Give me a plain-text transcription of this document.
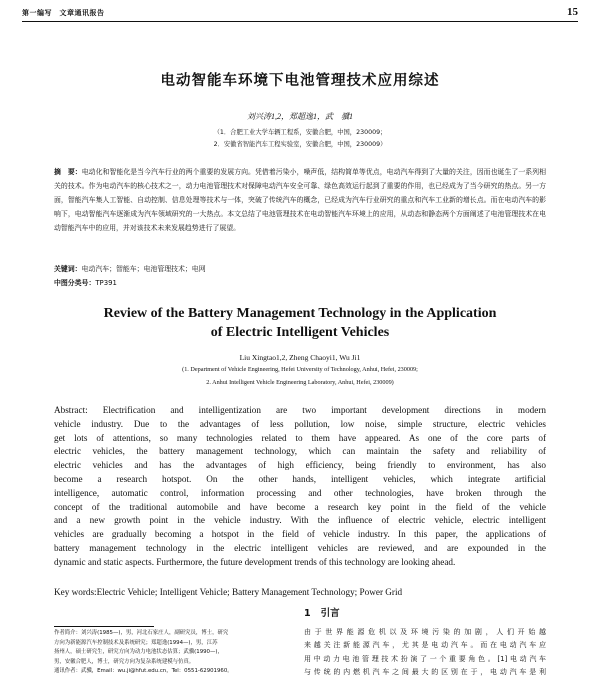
第一编写　文章通讯报告	15
电动智能车环境下电池管理技术应用综述
刘兴涛1,2，郑超逸1，武　骥1
（1．合肥工业大学车辆工程系，安徽合肥，中国，230009；
2．安徽省智能汽车工程实验室，安徽合肥，中国，230009）
摘　要：电动化和智能化是当今汽车行业的两个重要的发展方向。凭借着污染小，噪声低，结构简单等优点，电动汽车得到了大量的关注，因而也诞生了一系列相关的技术。作为电动汽车的核心技术之一，动力电池管理技术对保障电动汽车安全可靠、绿色高效运行起到了重要的作用，也已经成为了当今研究的热点。另一方面，智能汽车集人工智能、自动控制、信息处理等技术与一体，突破了传统汽车的概念，已经成为汽车行业研究的重点和汽车工业新的增长点。而在电动汽车的影响下，电动智能汽车逐渐成为汽车领域研究的一大热点。本文总结了电池管理技术在电动智能汽车环境上的应用，从动态和静态两个方面阐述了电池管理技术在电动智能汽车中的应用，并对该技术未来发展趋势进行了展望。
关键词：电动汽车；智能车；电池管理技术；电网
中图分类号：TP391
Review of the Battery Management Technology in the Application
of Electric Intelligent Vehicles
Liu Xingtao1,2, Zheng Chaoyi1, Wu Ji1
(1. Department of Vehicle Engineering, Hefei University of Technology, Anhui, Hefei, 230009;
2. Anhui Intelligent Vehicle Engineering Laboratory, Anhui, Hefei, 230009)
Abstract: Electrification and intelligentization are two important development directions in modern
vehicle industry. Due to the advantages of less pollution, low noise, simple structure, electric vehicles
get lots of attentions, so many technologies related to them have appeared. As one of the core parts of
electric vehicles, the battery management technology, which can maintain the safety and reliability of
electric vehicles and has the advantages of high efficiency, being friendly to environment, has also
become a research hotspot. On the other hands, intelligent vehicles, which integrate artificial
intelligence, automatic control, information processing and other technologies, have broken through the
concept of the traditional automobile and have become a research key point in the field of the vehicle
and a new growth point in the vehicle industry. With the influence of electric vehicle, electric intelligent
vehicles are gradually becoming a hotspot in the field of vehicle industry. In this paper, the applications of
battery management technology in the electric intelligent vehicles are reviewed, and are expounded in the
dynamic and static aspects. Furthermore, the future development trends of this technology are looking ahead.
Key words:Electric Vehicle; Intelligent Vehicle; Battery Management Technology; Power Grid
1 引言
作者简介：刘兴涛(1985—)，男，河北石家庄人，副研究员，博士，研究
方向为新能源汽车控制技术及系统研究；郑超逸(1994—)，男，江苏
扬州人，硕士研究生，研究方向为动力电池状态估算；武骥(1990—)，
男，安徽合肥人，博士，研究方向为复杂系统建模与仿真。
通讯作者：武骥，Email：wu.ji@hfut.edu.cn，Tel：0551-62901960。
由于世界能源危机以及环境污染的加剧，人们开始越
来越关注新能源汽车，尤其是电动汽车。而在电动汽车应
用中动力电池管理技术扮演了一个重要角色。[1]电动汽车
与传统的内燃机汽车之间最大的区别在于，电动汽车是利
